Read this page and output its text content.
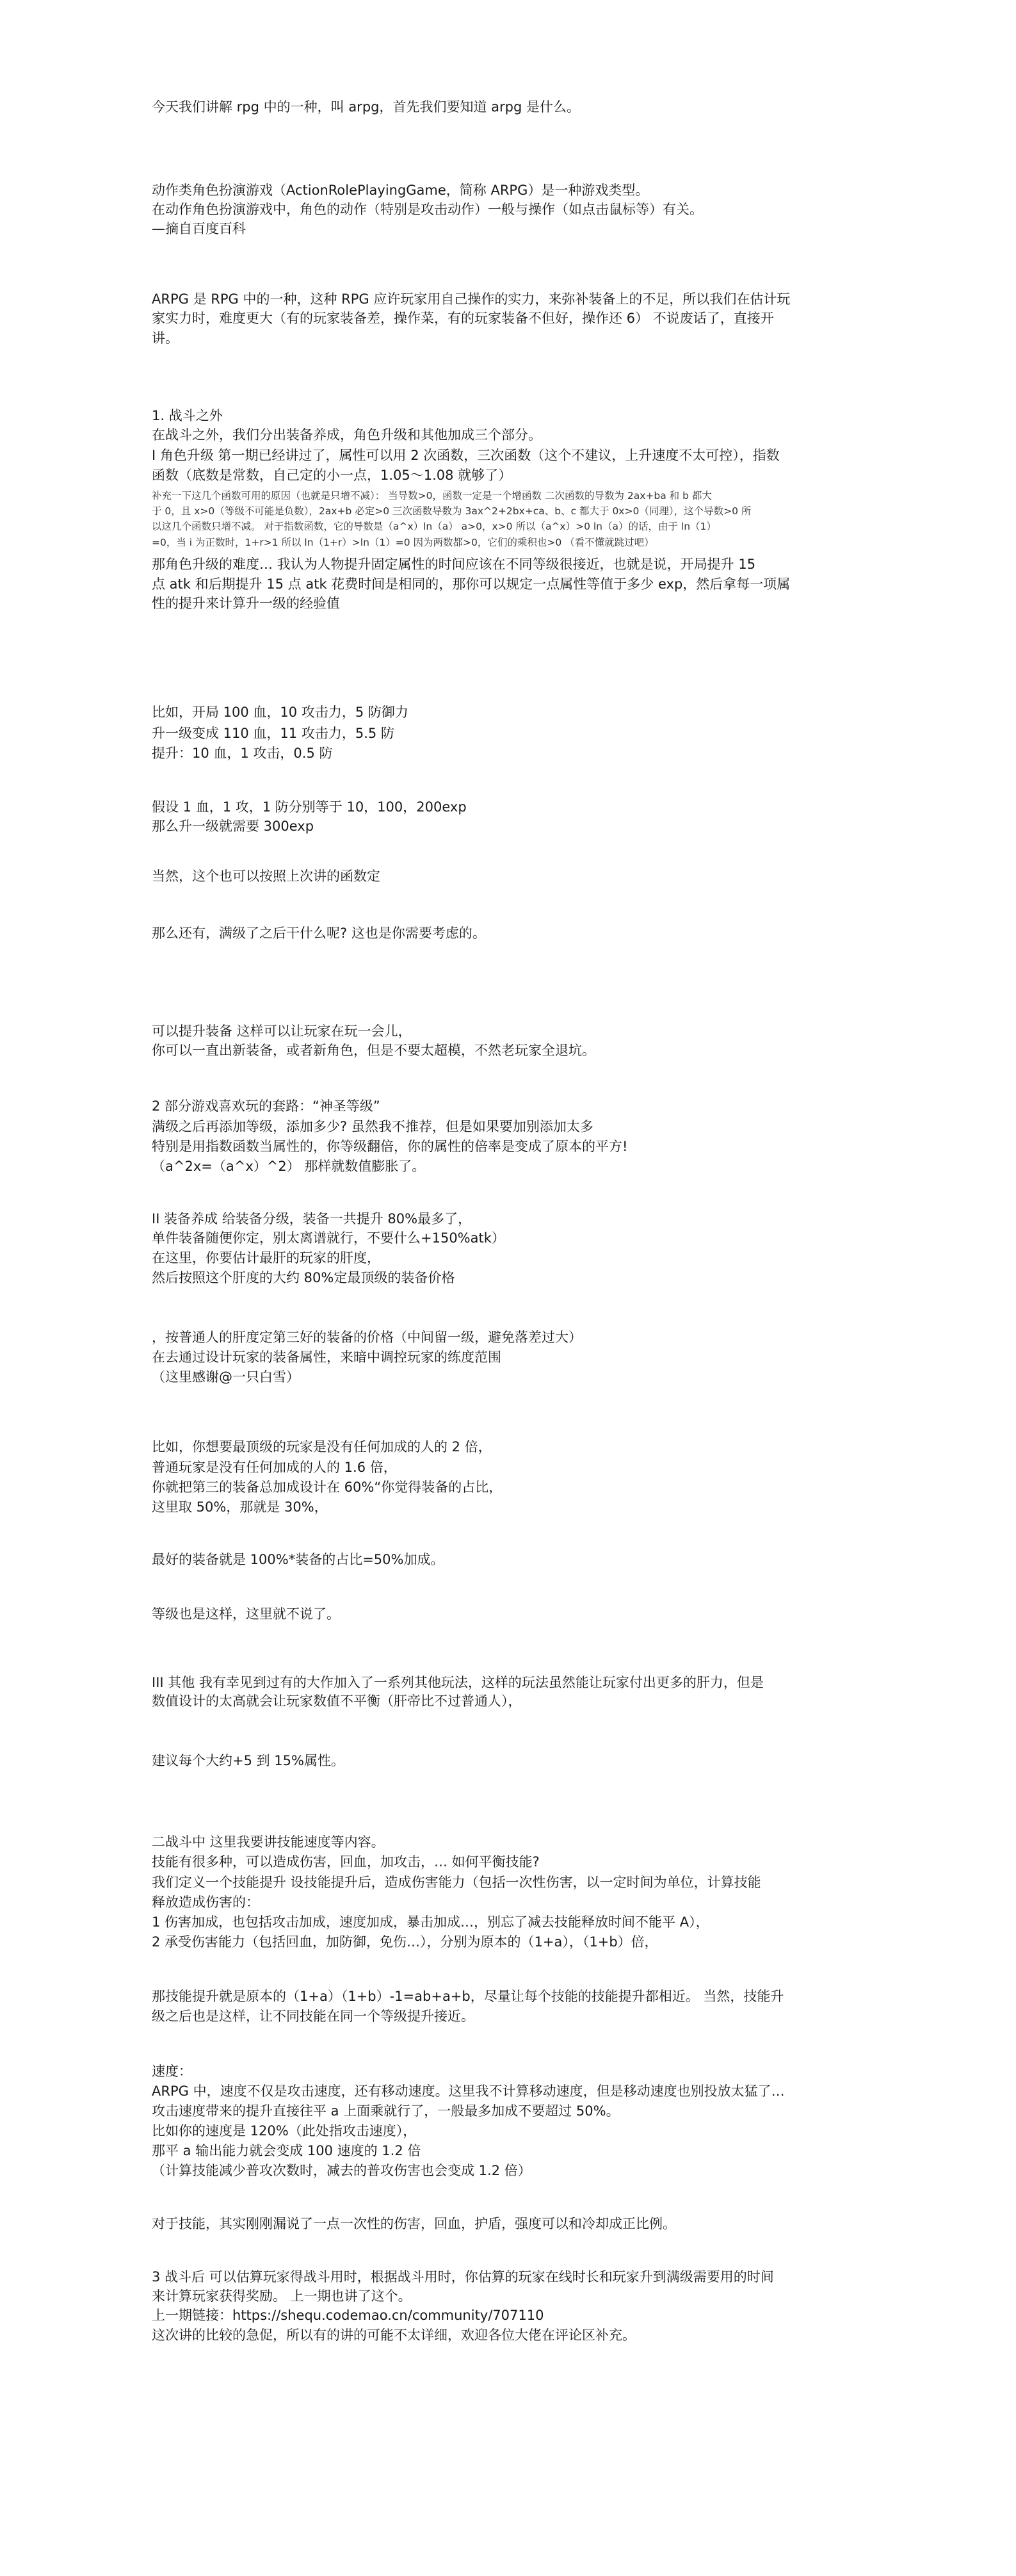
今天我们讲解 rpg 中的一种，叫 arpg，首先我们要知道 arpg 是什么。
动作类角色扮演游戏（ActionRolePlayingGame，简称 ARPG）是一种游戏类型。
在动作角色扮演游戏中，角色的动作（特别是攻击动作）一般与操作（如点击鼠标等）有关。
—摘自百度百科
ARPG 是 RPG 中的一种，这种 RPG 应许玩家用自己操作的实力，来弥补装备上的不足，所以我们在估计玩
家实力时，难度更大（有的玩家装备差，操作菜，有的玩家装备不但好，操作还 6） 不说废话了，直接开
讲。
1. 战斗之外
在战斗之外，我们分出装备养成，角色升级和其他加成三个部分。
I 角色升级 第一期已经讲过了，属性可以用 2 次函数，三次函数（这个不建议，上升速度不太可控），指数
函数（底数是常数，自己定的小一点，1.05～1.08 就够了）
补充一下这几个函数可用的原因（也就是只增不减）： 当导数>0，函数一定是一个增函数 二次函数的导数为 2ax+ba 和 b 都大
于 0，且 x>0（等级不可能是负数），2ax+b 必定>0 三次函数导数为 3ax^2+2bx+ca、b、c 都大于 0x>0（同理），这个导数>0 所
以这几个函数只增不减。 对于指数函数，它的导数是（a^x）ln（a） a>0，x>0 所以（a^x）>0 ln（a）的话，由于 ln（1）
=0，当 i 为正数时，1+r>1 所以 ln（1+r）>ln（1）=0 因为两数都>0，它们的乘积也>0 （看不懂就跳过吧）
那角色升级的难度… 我认为人物提升固定属性的时间应该在不同等级很接近，也就是说，开局提升 15
点 atk 和后期提升 15 点 atk 花费时间是相同的，那你可以规定一点属性等值于多少 exp，然后拿每一项属
性的提升来计算升一级的经验值
比如，开局 100 血，10 攻击力，5 防御力
升一级变成 110 血，11 攻击力，5.5 防
提升：10 血，1 攻击，0.5 防
假设 1 血，1 攻，1 防分别等于 10，100，200exp
那么升一级就需要 300exp
当然，这个也可以按照上次讲的函数定
那么还有，满级了之后干什么呢? 这也是你需要考虑的。
可以提升装备 这样可以让玩家在玩一会儿，
你可以一直出新装备，或者新角色，但是不要太超模，不然老玩家全退坑。
2 部分游戏喜欢玩的套路：“神圣等级”
满级之后再添加等级，添加多少? 虽然我不推荐，但是如果要加别添加太多
特别是用指数函数当属性的，你等级翻倍，你的属性的倍率是变成了原本的平方!
（a^2x=（a^x）^2） 那样就数值膨胀了。
II 装备养成 给装备分级，装备一共提升 80%最多了，
单件装备随便你定，别太离谱就行，不要什么+150%atk）
在这里，你要估计最肝的玩家的肝度，
然后按照这个肝度的大约 80%定最顶级的装备价格
，按普通人的肝度定第三好的装备的价格（中间留一级，避免落差过大）
在去通过设计玩家的装备属性，来暗中调控玩家的练度范围
（这里感谢@一只白雪）
比如，你想要最顶级的玩家是没有任何加成的人的 2 倍，
普通玩家是没有任何加成的人的 1.6 倍，
你就把第三的装备总加成设计在 60%“你觉得装备的占比，
这里取 50%，那就是 30%，
最好的装备就是 100%*装备的占比=50%加成。
等级也是这样，这里就不说了。
III 其他 我有幸见到过有的大作加入了一系列其他玩法，这样的玩法虽然能让玩家付出更多的肝力，但是
数值设计的太高就会让玩家数值不平衡（肝帝比不过普通人），
建议每个大约+5 到 15%属性。
二战斗中 这里我要讲技能速度等内容。
技能有很多种，可以造成伤害，回血，加攻击，… 如何平衡技能?
我们定义一个技能提升 设技能提升后，造成伤害能力（包括一次性伤害，以一定时间为单位，计算技能
释放造成伤害的：
1 伤害加成，也包括攻击加成，速度加成，暴击加成…，别忘了减去技能释放时间不能平 A），
2 承受伤害能力（包括回血，加防御，免伤…），分别为原本的（1+a），（1+b）倍，
那技能提升就是原本的（1+a）（1+b）-1=ab+a+b，尽量让每个技能的技能提升都相近。 当然，技能升
级之后也是这样，让不同技能在同一个等级提升接近。
速度：
ARPG 中，速度不仅是攻击速度，还有移动速度。这里我不计算移动速度，但是移动速度也别投放太猛了…
攻击速度带来的提升直接往平 a 上面乘就行了，一般最多加成不要超过 50%。
比如你的速度是 120%（此处指攻击速度），
那平 a 输出能力就会变成 100 速度的 1.2 倍
（计算技能减少普攻次数时，减去的普攻伤害也会变成 1.2 倍）
对于技能，其实刚刚漏说了一点一次性的伤害，回血，护盾，强度可以和冷却成正比例。
3 战斗后 可以估算玩家得战斗用时，根据战斗用时，你估算的玩家在线时长和玩家升到满级需要用的时间
来计算玩家获得奖励。 上一期也讲了这个。
上一期链接：https://shequ.codemao.cn/community/707110
这次讲的比较的急促，所以有的讲的可能不太详细，欢迎各位大佬在评论区补充。
